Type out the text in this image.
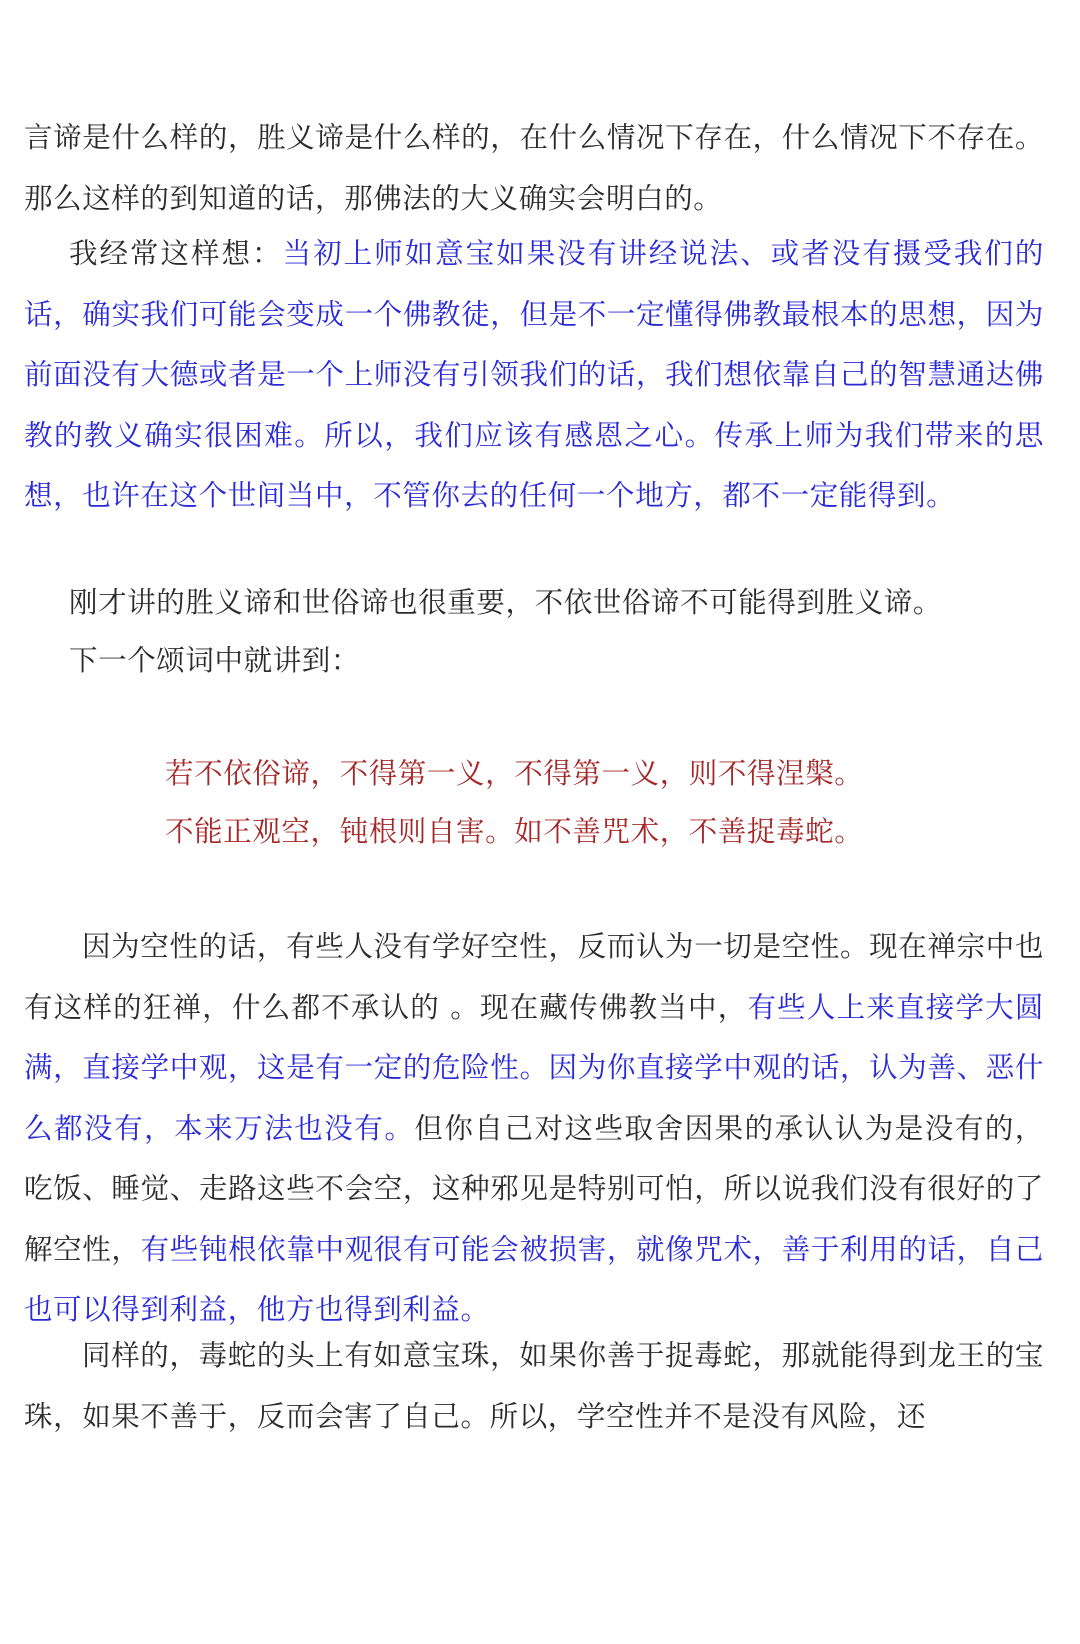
言谛是什么样的，胜义谛是什么样的，在什么情况下存在，什么情况下不存在。那么这样的到知道的话，那佛法的大义确实会明白的。

我经常这样想：当初上师如意宝如果没有讲经说法、或者没有摄受我们的话，确实我们可能会变成一个佛教徒，但是不一定懂得佛教最根本的思想，因为前面没有大德或者是一个上师没有引领我们的话，我们想依靠自己的智慧通达佛教的教义确实很困难。所以，我们应该有感恩之心。传承上师为我们带来的思想，也许在这个世间当中，不管你去的任何一个地方，都不一定能得到。

刚才讲的胜义谛和世俗谛也很重要，不依世俗谛不可能得到胜义谛。

下一个颂词中就讲到：

若不依俗谛，不得第一义，不得第一义，则不得涅槃。
不能正观空，钝根则自害。如不善咒术，不善捉毒蛇。

因为空性的话，有些人没有学好空性，反而认为一切是空性。现在禅宗中也有这样的狂禅，什么都不承认的 。现在藏传佛教当中，有些人上来直接学大圆满，直接学中观，这是有一定的危险性。因为你直接学中观的话，认为善、恶什么都没有，本来万法也没有。但你自己对这些取舍因果的承认认为是没有的， 吃饭、睡觉、走路这些不会空，这种邪见是特别可怕，所以说我们没有很好的了解空性，有些钝根依靠中观很有可能会被损害，就像咒术，善于利用的话，自己也可以得到利益，他方也得到利益。

同样的，毒蛇的头上有如意宝珠，如果你善于捉毒蛇，那就能得到龙王的宝珠，如果不善于，反而会害了自己。所以，学空性并不是没有风险，还
